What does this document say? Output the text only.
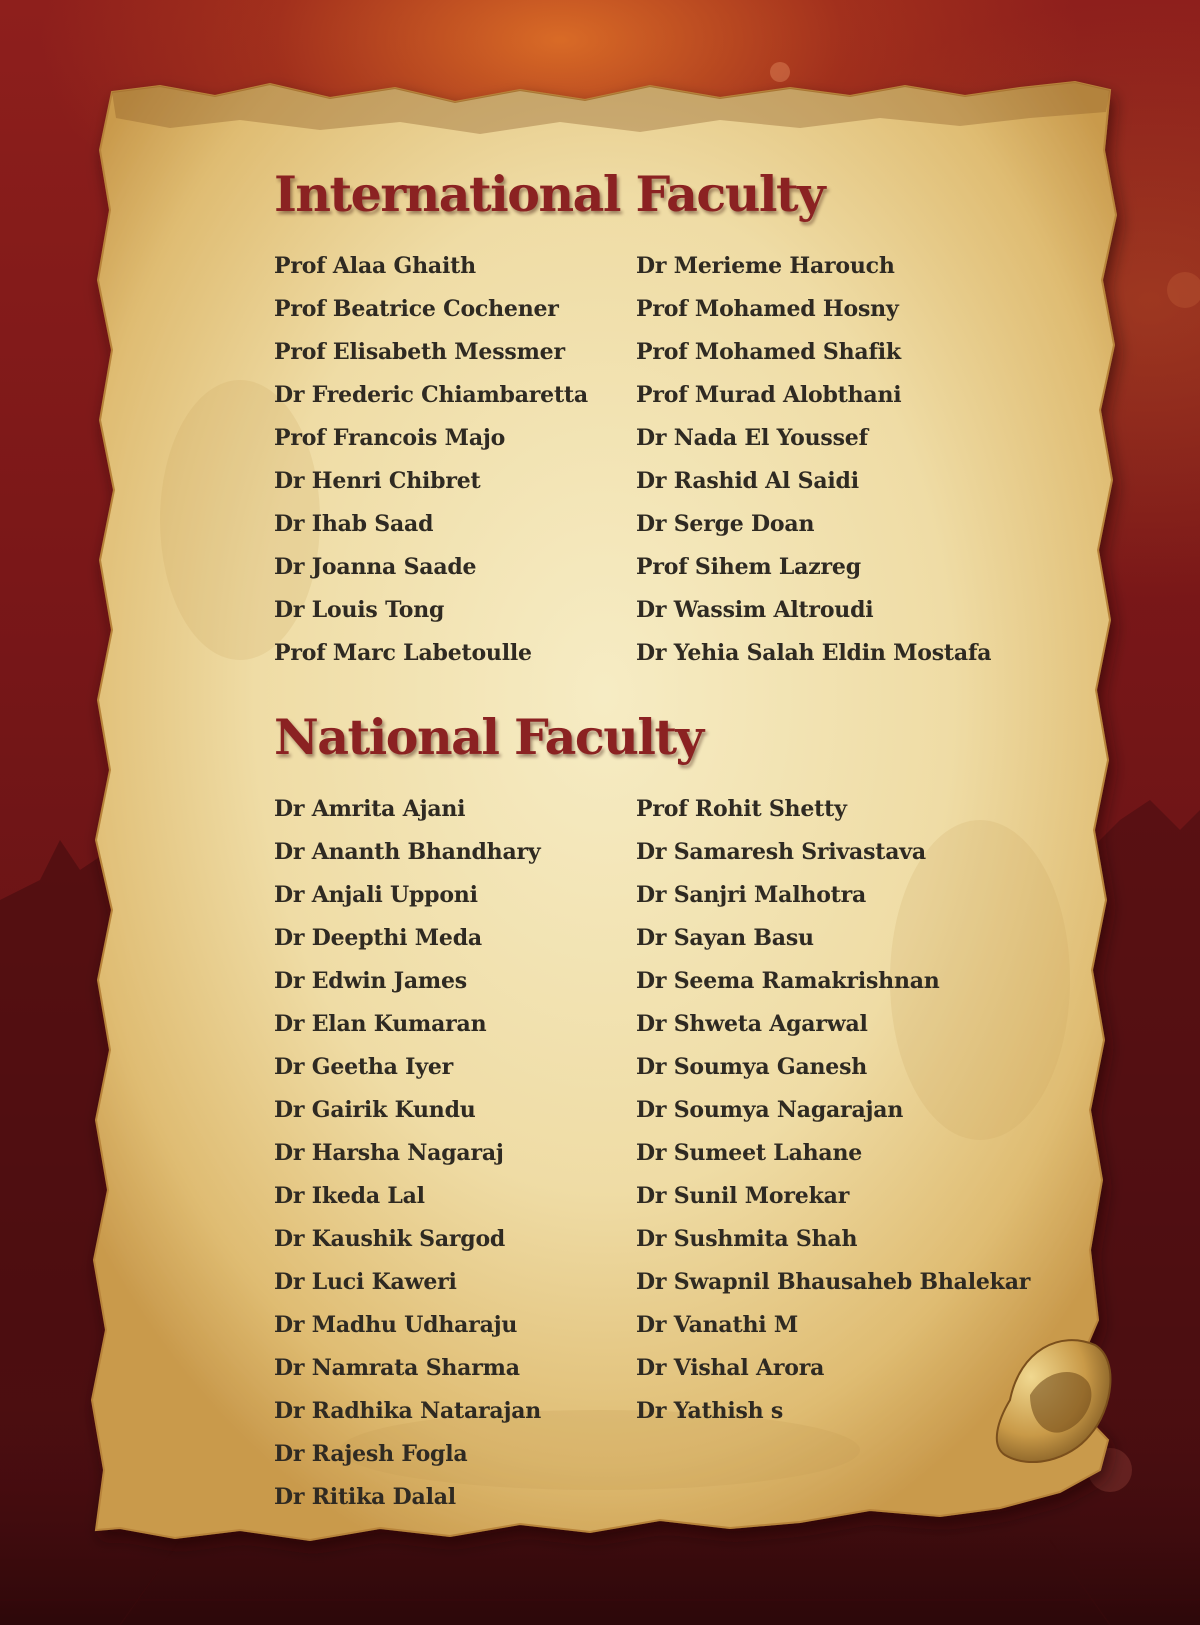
International Faculty
Prof Alaa Ghaith
Prof Beatrice Cochener
Prof Elisabeth Messmer
Dr Frederic Chiambaretta
Prof Francois Majo
Dr Henri Chibret
Dr Ihab Saad
Dr Joanna Saade
Dr Louis Tong
Prof Marc Labetoulle
Dr Merieme Harouch
Prof Mohamed Hosny
Prof Mohamed Shafik
Prof Murad Alobthani
Dr Nada El Youssef
Dr Rashid Al Saidi
Dr Serge Doan
Prof Sihem Lazreg
Dr Wassim Altroudi
Dr Yehia Salah Eldin Mostafa
National Faculty
Dr Amrita Ajani
Dr Ananth Bhandhary
Dr Anjali Upponi
Dr Deepthi Meda
Dr Edwin James
Dr Elan Kumaran
Dr Geetha Iyer
Dr Gairik Kundu
Dr Harsha Nagaraj
Dr Ikeda Lal
Dr Kaushik Sargod
Dr Luci Kaweri
Dr Madhu Udharaju
Dr Namrata Sharma
Dr Radhika Natarajan
Dr Rajesh Fogla
Dr Ritika Dalal
Prof Rohit Shetty
Dr Samaresh Srivastava
Dr Sanjri Malhotra
Dr Sayan Basu
Dr Seema Ramakrishnan
Dr Shweta Agarwal
Dr Soumya Ganesh
Dr Soumya Nagarajan
Dr Sumeet Lahane
Dr Sunil Morekar
Dr Sushmita Shah
Dr Swapnil Bhausaheb Bhalekar
Dr Vanathi M
Dr Vishal Arora
Dr Yathish s
